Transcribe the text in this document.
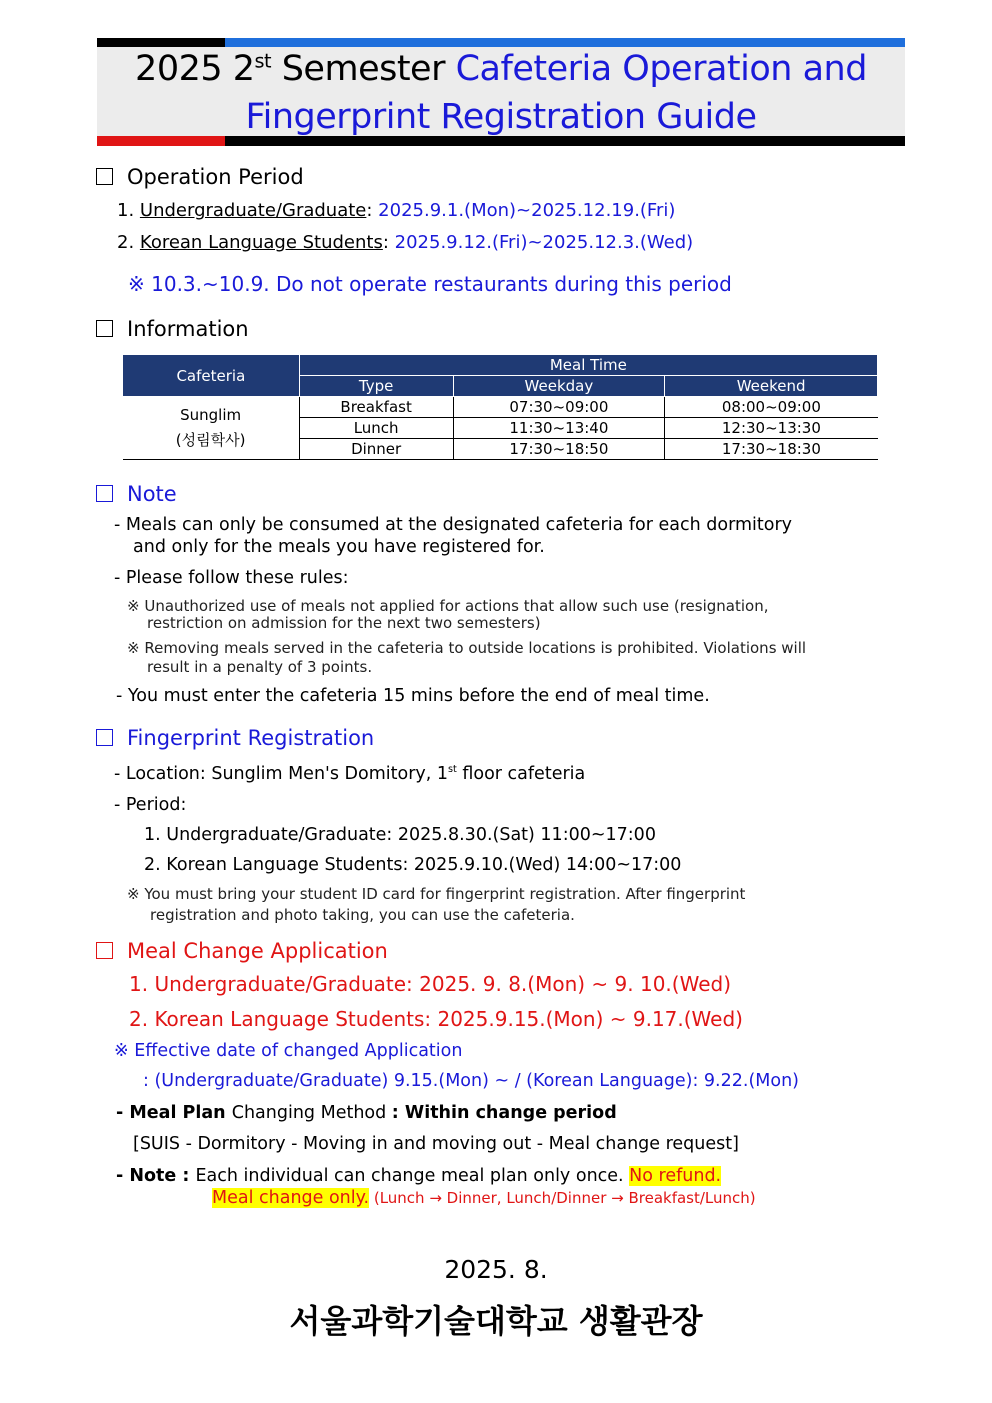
2025 2st Semester Cafeteria Operation and
Fingerprint Registration Guide
Operation Period
1. Undergraduate/Graduate: 2025.9.1.(Mon)~2025.12.19.(Fri)
2. Korean Language Students: 2025.9.12.(Fri)~2025.12.3.(Wed)
※ 10.3.~10.9. Do not operate restaurants during this period
Information
Cafeteria	Meal Time		
	Type	Weekday	Weekend
Sunglim
(성림학사)	Breakfast	07:30~09:00	08:00~09:00
	Lunch	11:30~13:40	12:30~13:30
	Dinner	17:30~18:50	17:30~18:30
Note
- Meals can only be consumed at the designated cafeteria for each dormitory
and only for the meals you have registered for.
- Please follow these rules:
※ Unauthorized use of meals not applied for actions that allow such use (resignation,
restriction on admission for the next two semesters)
※ Removing meals served in the cafeteria to outside locations is prohibited. Violations will
result in a penalty of 3 points.
- You must enter the cafeteria 15 mins before the end of meal time.
Fingerprint Registration
- Location: Sunglim Men's Domitory, 1st floor cafeteria
- Period:
1. Undergraduate/Graduate: 2025.8.30.(Sat) 11:00~17:00
2. Korean Language Students: 2025.9.10.(Wed) 14:00~17:00
※ You must bring your student ID card for fingerprint registration. After fingerprint
registration and photo taking, you can use the cafeteria.
Meal Change Application
1. Undergraduate/Graduate: 2025. 9. 8.(Mon) ~ 9. 10.(Wed)
2. Korean Language Students: 2025.9.15.(Mon) ~ 9.17.(Wed)
※ Effective date of changed Application
: (Undergraduate/Graduate) 9.15.(Mon) ~ / (Korean Language): 9.22.(Mon)
- Meal Plan Changing Method : Within change period
[SUIS - Dormitory - Moving in and moving out - Meal change request]
- Note : Each individual can change meal plan only once. No refund.
Meal change only. (Lunch → Dinner, Lunch/Dinner → Breakfast/Lunch)
2025. 8.
서울과학기술대학교 생활관장
